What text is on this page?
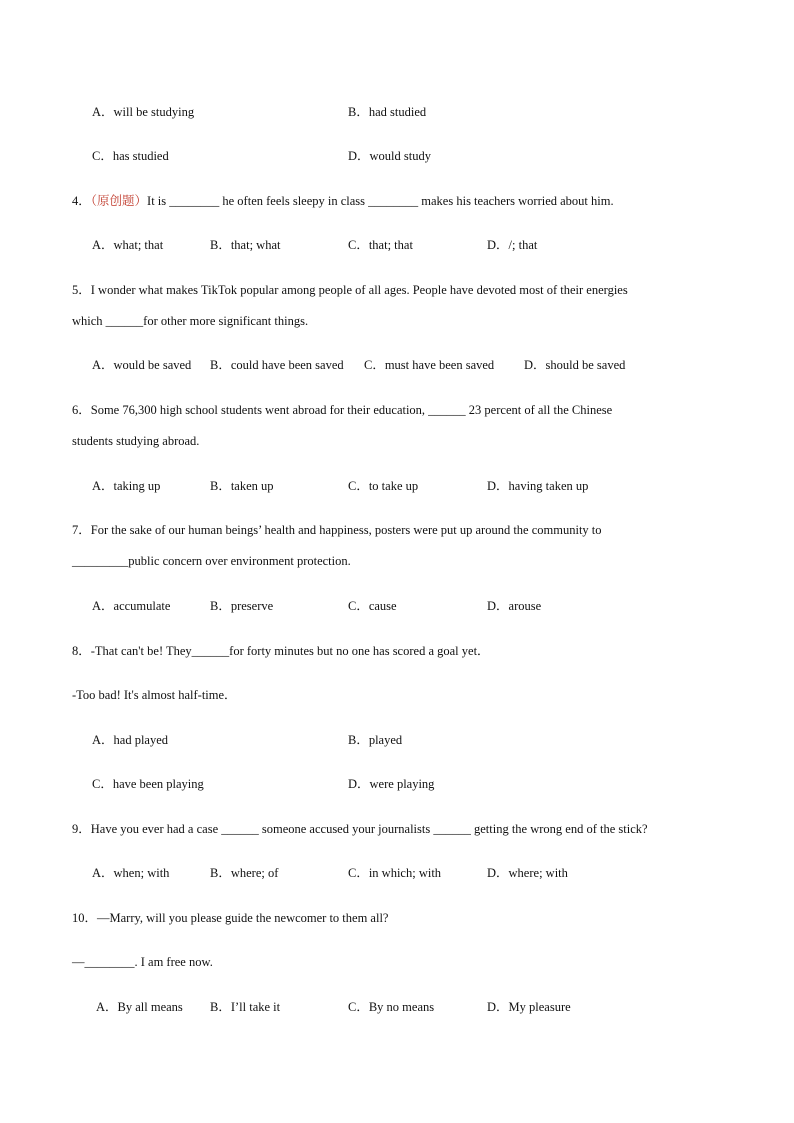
A．will be studying	B．had studied
C．has studied	D．would study
4．（原创题）It is ________ he often feels sleepy in class ________ makes his teachers worried about him.
A．what; that	B．that; what	C．that; that	D．/; that
5．I wonder what makes TikTok popular among people of all ages. People have devoted most of their energies
which ______for other more significant things.
A．would be saved B．could have been saved C．must have been saved D．should be saved
6．Some 76,300 high school students went abroad for their education, ______ 23 percent of all the Chinese
students studying abroad.
A．taking up	B．taken up	C．to take up	D．having taken up
7．For the sake of our human beings’ health and happiness, posters were put up around the community to
_________public concern over environment protection.
A．accumulate	B．preserve	C．cause	D．arouse
8．-That can't be! They______for forty minutes but no one has scored a goal yet．
-Too bad! It's almost half-time．
A．had played	B．played
C．have been playing	D．were playing
9．Have you ever had a case ______ someone accused your journalists ______ getting the wrong end of the stick?
A．when; with	B．where; of	C．in which; with	D．where; with
10．—Marry, will you please guide the newcomer to them all?
—________. I am free now.
A．By all means B．I’ll take it	C．By no means	D．My pleasure
